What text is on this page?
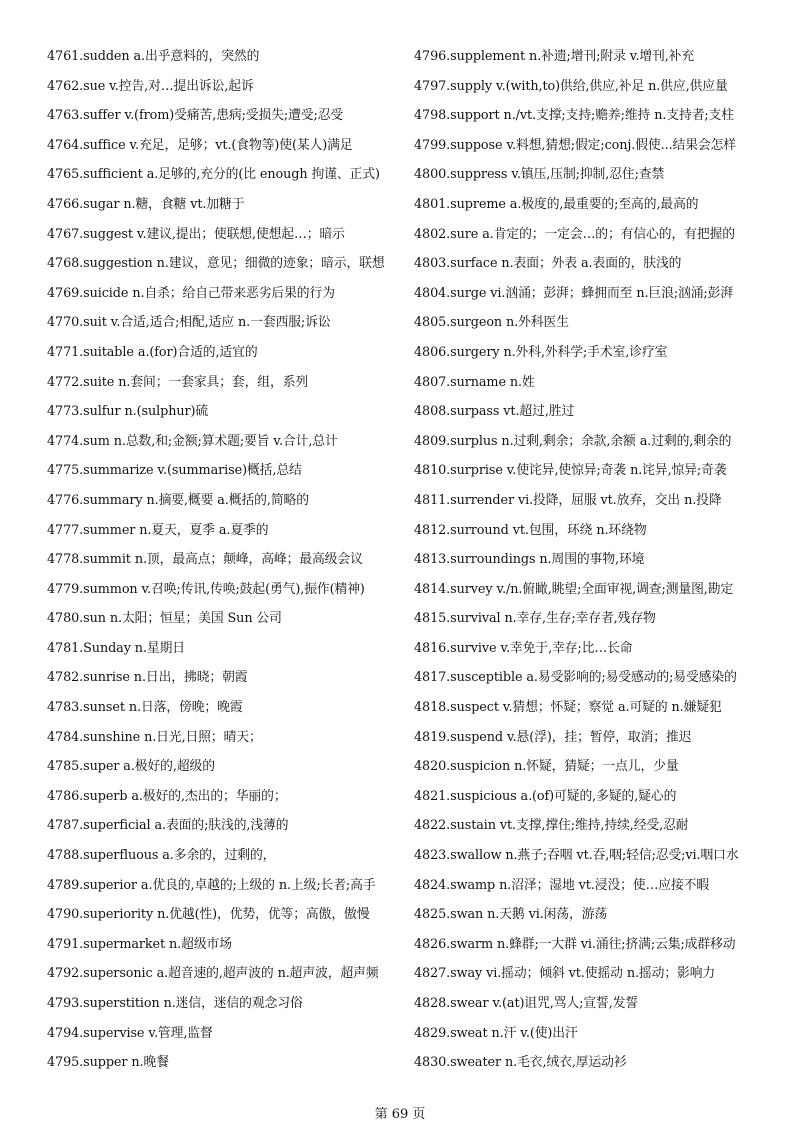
4761.sudden a.出乎意料的，突然的
4762.sue v.控告,对…提出诉讼,起诉
4763.suffer v.(from)受痛苦,患病;受损失;遭受;忍受
4764.suffice v.充足，足够；vt.(食物等)使(某人)满足
4765.sufficient a.足够的,充分的(比 enough 拘谨、正式)
4766.sugar n.糖，食糖 vt.加糖于
4767.suggest v.建议,提出；使联想,使想起…；暗示
4768.suggestion n.建议，意见；细微的迹象；暗示，联想
4769.suicide n.自杀；给自己带来恶劣后果的行为
4770.suit v.合适,适合;相配,适应 n.一套西服;诉讼
4771.suitable a.(for)合适的,适宜的
4772.suite n.套间；一套家具；套，组，系列
4773.sulfur n.(sulphur)硫
4774.sum n.总数,和;金额;算术题;要旨 v.合计,总计
4775.summarize v.(summarise)概括,总结
4776.summary n.摘要,概要 a.概括的,简略的
4777.summer n.夏天，夏季 a.夏季的
4778.summit n.顶，最高点；颠峰，高峰；最高级会议
4779.summon v.召唤;传讯,传唤;鼓起(勇气),振作(精神)
4780.sun n.太阳；恒星；美国 Sun 公司
4781.Sunday n.星期日
4782.sunrise n.日出，拂晓；朝霞
4783.sunset n.日落，傍晚；晚霞
4784.sunshine n.日光,日照；晴天；
4785.super a.极好的,超级的
4786.superb a.极好的,杰出的；华丽的；
4787.superficial a.表面的;肤浅的,浅薄的
4788.superfluous a.多余的，过剩的，
4789.superior a.优良的,卓越的;上级的 n.上级;长者;高手
4790.superiority n.优越(性)，优势，优等；高傲，傲慢
4791.supermarket n.超级市场
4792.supersonic a.超音速的,超声波的 n.超声波，超声频
4793.superstition n.迷信，迷信的观念习俗
4794.supervise v.管理,监督
4795.supper n.晚餐
4796.supplement n.补遗;增刊;附录 v.增刊,补充
4797.supply v.(with,to)供给,供应,补足 n.供应,供应量
4798.support n./vt.支撑;支持;赡养;维持 n.支持者;支柱
4799.suppose v.料想,猜想;假定;conj.假使...结果会怎样
4800.suppress v.镇压,压制;抑制,忍住;查禁
4801.supreme a.极度的,最重要的;至高的,最高的
4802.sure a.肯定的；一定会…的；有信心的，有把握的
4803.surface n.表面；外表 a.表面的，肤浅的
4804.surge vi.汹涌；彭湃；蜂拥而至 n.巨浪;汹涌;彭湃
4805.surgeon n.外科医生
4806.surgery n.外科,外科学;手术室,诊疗室
4807.surname n.姓
4808.surpass vt.超过,胜过
4809.surplus n.过剩,剩余；余款,余额 a.过剩的,剩余的
4810.surprise v.使诧异,使惊异;奇袭 n.诧异,惊异;奇袭
4811.surrender vi.投降，屈服 vt.放弃，交出 n.投降
4812.surround vt.包围，环绕 n.环绕物
4813.surroundings n.周围的事物,环境
4814.survey v./n.俯瞰,眺望;全面审视,调查;测量图,勘定
4815.survival n.幸存,生存;幸存者,残存物
4816.survive v.幸免于,幸存;比…长命
4817.susceptible a.易受影响的;易受感动的;易受感染的
4818.suspect v.猜想；怀疑；察觉 a.可疑的 n.嫌疑犯
4819.suspend v.悬(浮)，挂；暂停，取消；推迟
4820.suspicion n.怀疑，猜疑；一点儿，少量
4821.suspicious a.(of)可疑的,多疑的,疑心的
4822.sustain vt.支撑,撑住;维持,持续,经受,忍耐
4823.swallow n.燕子;吞咽 vt.吞,咽;轻信;忍受;vi.咽口水
4824.swamp n.沼泽；湿地 vt.浸没；使…应接不暇
4825.swan n.天鹅 vi.闲荡，游荡
4826.swarm n.蜂群;一大群 vi.涌往;挤满;云集;成群移动
4827.sway vi.摇动；倾斜 vt.使摇动 n.摇动；影响力
4828.swear v.(at)诅咒,骂人;宣誓,发誓
4829.sweat n.汗 v.(使)出汗
4830.sweater n.毛衣,绒衣,厚运动衫
第 69 页
